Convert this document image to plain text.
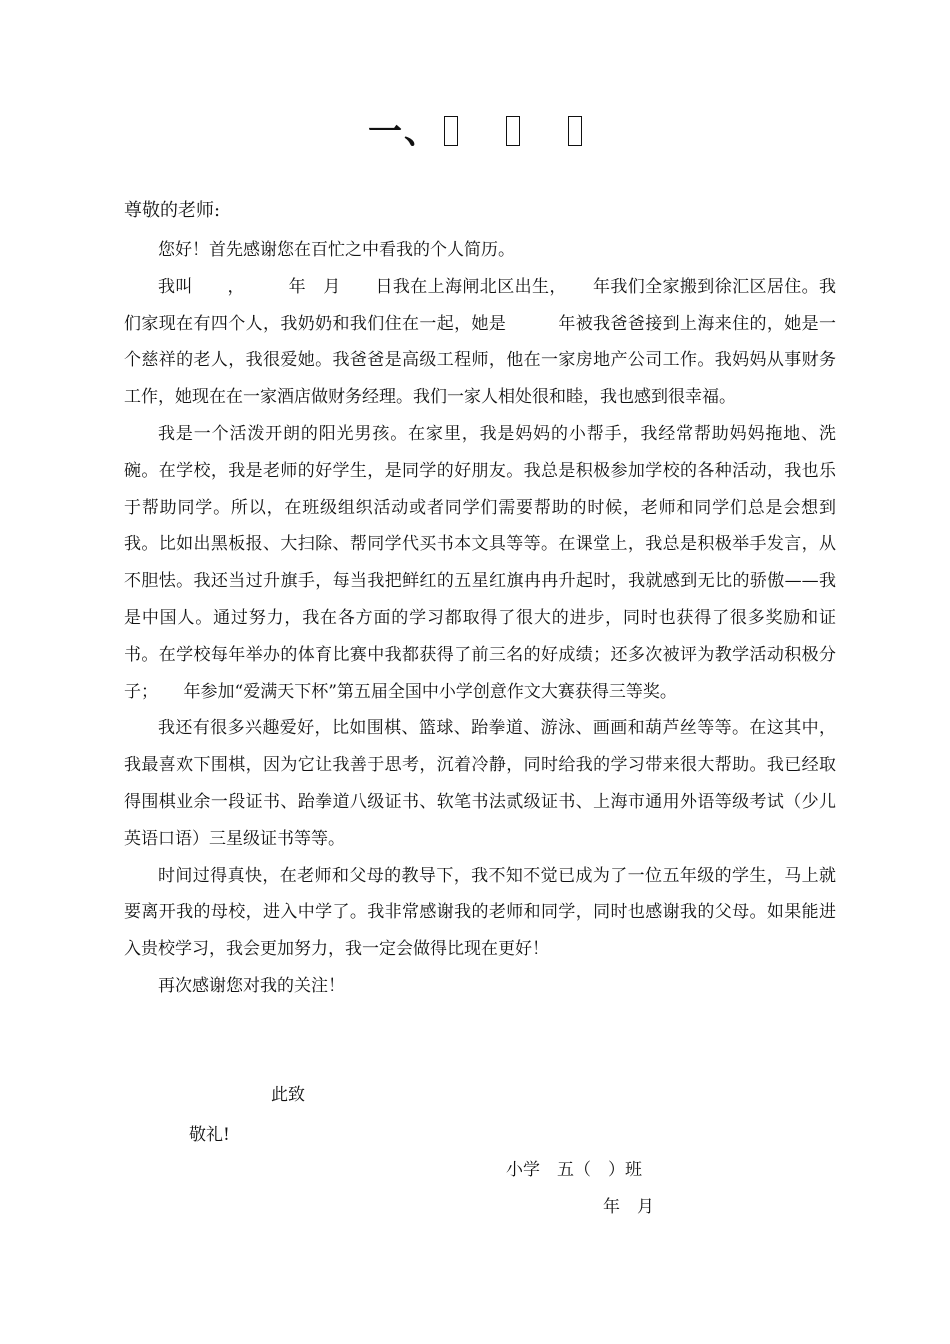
一、
尊敬的老师:

您好！首先感谢您在百忙之中看我的个人简历。

我叫　　，　　　年　月　　日我在上海闸北区出生，　　年我们全家搬到徐汇区居住。我们家现在有四个人，我奶奶和我们住在一起，她是　　　年被我爸爸接到上海来住的，她是一个慈祥的老人，我很爱她。我爸爸是高级工程师，他在一家房地产公司工作。我妈妈从事财务工作，她现在在一家酒店做财务经理。我们一家人相处很和睦，我也感到很幸福。

我是一个活泼开朗的阳光男孩。在家里，我是妈妈的小帮手，我经常帮助妈妈拖地、洗碗。在学校，我是老师的好学生，是同学的好朋友。我总是积极参加学校的各种活动，我也乐于帮助同学。所以，在班级组织活动或者同学们需要帮助的时候，老师和同学们总是会想到我。比如出黑板报、大扫除、帮同学代买书本文具等等。在课堂上，我总是积极举手发言，从不胆怯。我还当过升旗手，每当我把鲜红的五星红旗冉冉升起时，我就感到无比的骄傲——我是中国人。通过努力，我在各方面的学习都取得了很大的进步，同时也获得了很多奖励和证书。在学校每年举办的体育比赛中我都获得了前三名的好成绩；还多次被评为教学活动积极分子；　　年参加“爱满天下杯”第五届全国中小学创意作文大赛获得三等奖。

我还有很多兴趣爱好，比如围棋、篮球、跆拳道、游泳、画画和葫芦丝等等。在这其中，我最喜欢下围棋，因为它让我善于思考，沉着冷静，同时给我的学习带来很大帮助。我已经取得围棋业余一段证书、跆拳道八级证书、软笔书法贰级证书、上海市通用外语等级考试（少儿英语口语）三星级证书等等。

时间过得真快，在老师和父母的教导下，我不知不觉已成为了一位五年级的学生，马上就要离开我的母校，进入中学了。我非常感谢我的老师和同学，同时也感谢我的父母。如果能进入贵校学习，我会更加努力，我一定会做得比现在更好！

再次感谢您对我的关注！

此致
敬礼!
小学　五（　）班
年　月
